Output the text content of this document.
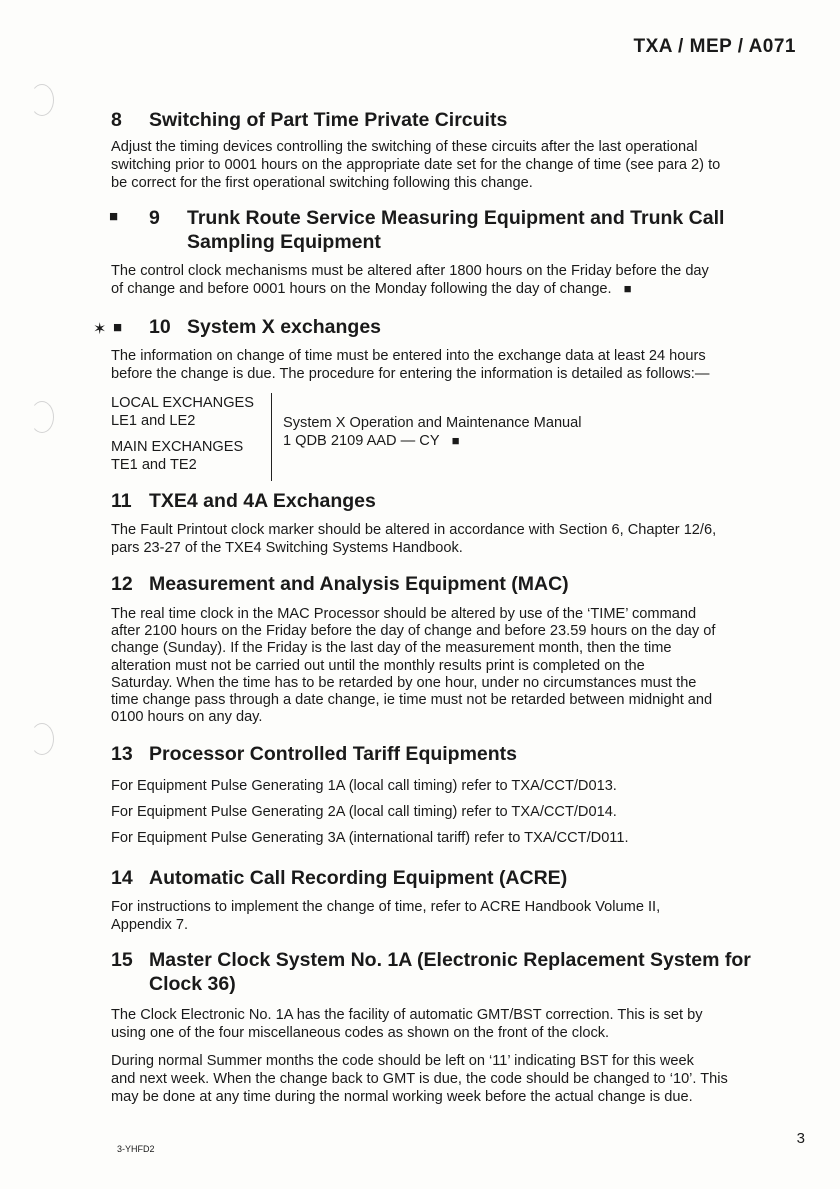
TXA / MEP / A071
8 Switching of Part Time Private Circuits

Adjust the timing devices controlling the switching of these circuits after the last operational
switching prior to 0001 hours on the appropriate date set for the change of time (see para 2) to
be correct for the first operational switching following this change.

■	9 Trunk Route Service Measuring Equipment and Trunk Call
Sampling Equipment

The control clock mechanisms must be altered after 1800 hours on the Friday before the day
of change and before 0001 hours on the Monday following the day of change. ■

✶ ■	10 System X exchanges

The information on change of time must be entered into the exchange data at least 24 hours
before the change is due. The procedure for entering the information is detailed as follows:—

LOCAL EXCHANGES
LE1 and LE2
MAIN EXCHANGES
TE1 and TE2
System X Operation and Maintenance Manual
1 QDB 2109 AAD — CY ■
11 TXE4 and 4A Exchanges

The Fault Printout clock marker should be altered in accordance with Section 6, Chapter 12/6,
pars 23-27 of the TXE4 Switching Systems Handbook.

12 Measurement and Analysis Equipment (MAC)

The real time clock in the MAC Processor should be altered by use of the ‘TIME’ command
after 2100 hours on the Friday before the day of change and before 23.59 hours on the day of
change (Sunday). If the Friday is the last day of the measurement month, then the time
alteration must not be carried out until the monthly results print is completed on the
Saturday. When the time has to be retarded by one hour, under no circumstances must the
time change pass through a date change, ie time must not be retarded between midnight and
0100 hours on any day.

13 Processor Controlled Tariff Equipments

For Equipment Pulse Generating 1A (local call timing) refer to TXA/CCT/D013.

For Equipment Pulse Generating 2A (local call timing) refer to TXA/CCT/D014.

For Equipment Pulse Generating 3A (international tariff) refer to TXA/CCT/D011.

14 Automatic Call Recording Equipment (ACRE)

For instructions to implement the change of time, refer to ACRE Handbook Volume II,
Appendix 7.

15 Master Clock System No. 1A (Electronic Replacement System for
Clock 36)

The Clock Electronic No. 1A has the facility of automatic GMT/BST correction. This is set by
using one of the four miscellaneous codes as shown on the front of the clock.

During normal Summer months the code should be left on ‘11’ indicating BST for this week
and next week. When the change back to GMT is due, the code should be changed to ‘10’. This
may be done at any time during the normal working week before the actual change is due.

3-YHFD2
3
